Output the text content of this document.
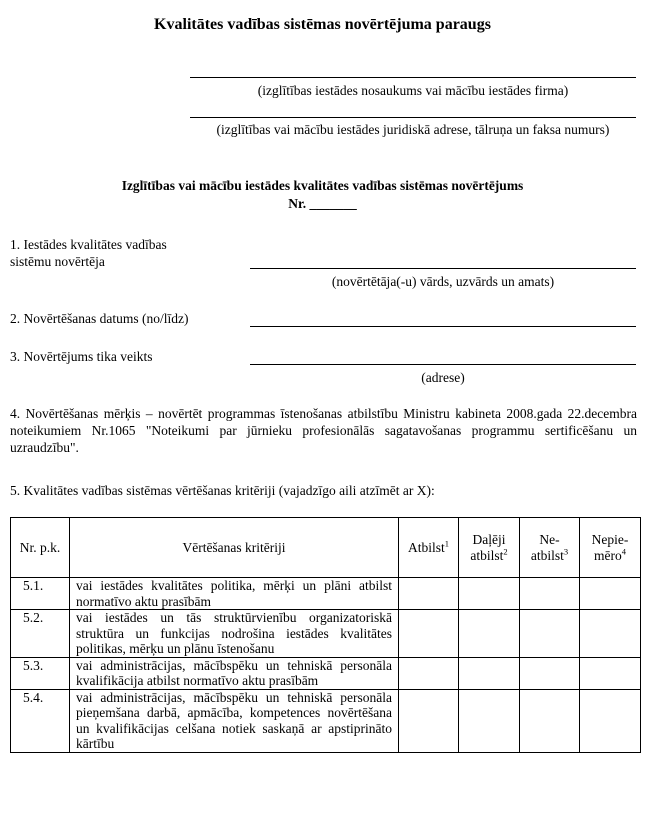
Kvalitātes vadības sistēmas novērtējuma paraugs
(izglītības iestādes nosaukums vai mācību iestādes firma)
(izglītības vai mācību iestādes juridiskā adrese, tālruņa un faksa numurs)
Izglītības vai mācību iestādes kvalitātes vadības sistēmas novērtējums
Nr. _______
1. Iestādes kvalitātes vadības sistēmu novērtēja
(novērtētāja(-u) vārds, uzvārds un amats)
2. Novērtēšanas datums (no/līdz)
3. Novērtējums tika veikts
(adrese)
4. Novērtēšanas mērķis – novērtēt programmas īstenošanas atbilstību Ministru kabineta 2008.gada 22.decembra noteikumiem Nr.1065 "Noteikumi par jūrnieku profesionālās sagatavošanas programmu sertificēšanu un uzraudzību".
5. Kvalitātes vadības sistēmas vērtēšanas kritēriji (vajadzīgo aili atzīmēt ar X):
Nr. p.k.	Vērtēšanas kritēriji	Atbilst$^1$	Daļēji atbilst$^2$	Ne-atbilst$^3$	Nepie-mēro$^4$
5.1.	vai iestādes kvalitātes politika, mērķi un plāni atbilst normatīvo aktu prasībām				
5.2.	vai iestādes un tās struktūrvienību organizatoriskā struktūra un funkcijas nodrošina iestādes kvalitātes politikas, mērķu un plānu īstenošanu				
5.3.	vai administrācijas, mācībspēku un tehniskā personāla kvalifikācija atbilst normatīvo aktu prasībām				
5.4.	vai administrācijas, mācībspēku un tehniskā personāla pieņemšana darbā, apmācība, kompetences novērtēšana un kvalifikācijas celšana notiek saskaņā ar apstiprināto kārtību				
